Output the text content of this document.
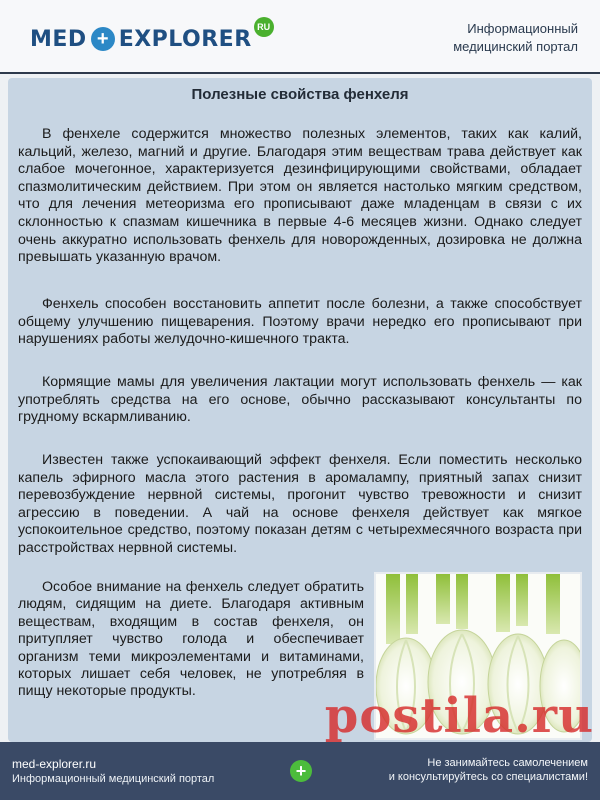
MED + EXPLORER RU	Информационный
медицинский портал
Полезные свойства фенхеля

В фенхеле содержится множество полезных элементов, таких как калий, кальций, железо, магний и другие. Благодаря этим веществам трава действует как слабое мочегонное, характеризуется дезинфицирующими свойствами, обладает спазмолитическим действием. При этом он является настолько мягким средством, что для лечения метеоризма его прописывают даже младенцам в связи с их склонностью к спазмам кишечника в первые 4-6 месяцев жизни. Однако следует очень аккуратно использовать фенхель для новорожденных, дозировка не должна превышать указанную врачом.

Фенхель способен восстановить аппетит после болезни, а также способствует общему улучшению пищеварения. Поэтому врачи нередко его прописывают при нарушениях работы желудочно-кишечного тракта.

Кормящие мамы для увеличения лактации могут использовать фенхель — как употреблять средства на его основе, обычно рассказывают консультанты по грудному вскармливанию.

Известен также успокаивающий эффект фенхеля. Если поместить несколько капель эфирного масла этого растения в аромалампу, приятный запах снизит перевозбуждение нервной системы, прогонит чувство тревожности и снизит агрессию в поведении. А чай на основе фенхеля действует как мягкое успокоительное средство, поэтому показан детям с четырехмесячного возраста при расстройствах нервной системы.

Особое внимание на фенхель следует обратить людям, сидящим на диете. Благодаря активным веществам, входящим в состав фенхеля, он притупляет чувство голода и обеспечивает организм теми микроэлементами и витаминами, которых лишает себя человек, не употребляя в пищу некоторые продукты.

med-explorer.ru
Информационный медицинский портал	+	Не занимайтесь самолечением
и консультируйтесь со специалистами!
postila.ru
